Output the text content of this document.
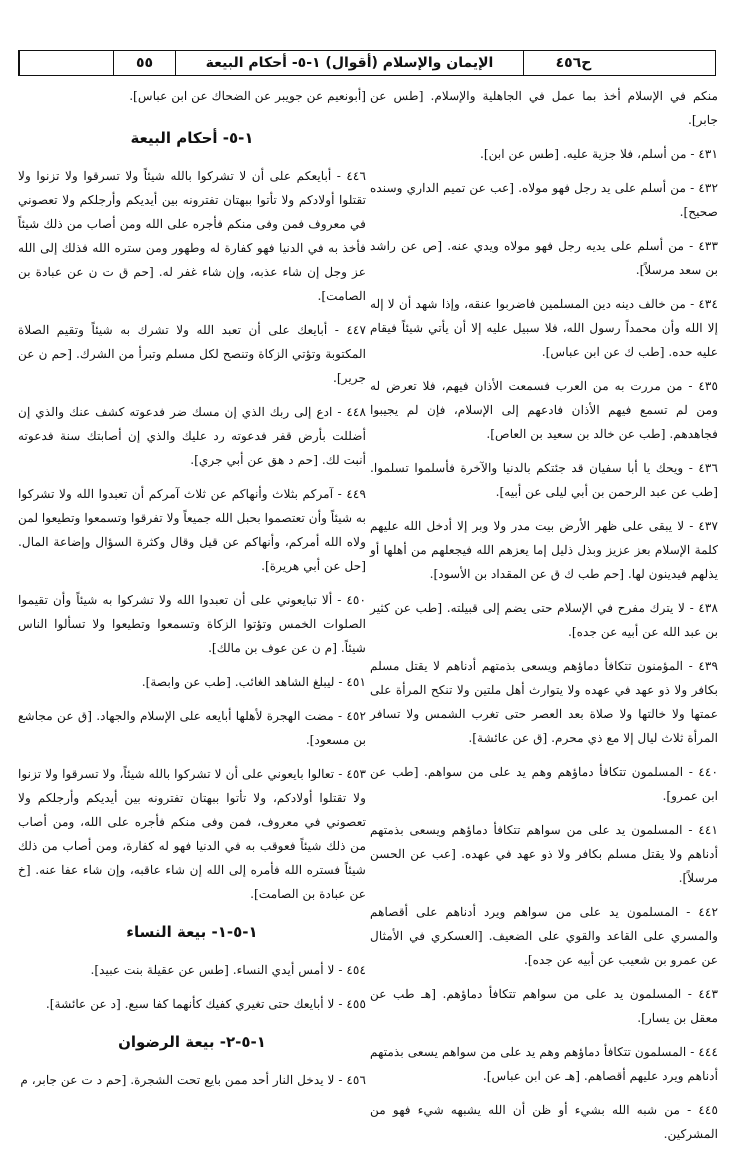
٥٥	الإيمان والإسلام (أقوال) ١-٥- أحكام البيعة	ح٤٥٦

منكم في الإسلام أخذ بما عمل في الجاهلية والإسلام. [طس عن جابر].

٤٣١ - من أسلم، فلا جزية عليه. [طس عن ابن].

٤٣٢ - من أسلم على يد رجل فهو مولاه. [عب عن تميم الداري وسنده صحيح].

٤٣٣ - من أسلم على يديه رجل فهو مولاه ويدي عنه. [ص عن راشد بن سعد مرسلاً].

٤٣٤ - من خالف دينه دين المسلمين فاضربوا عنقه، وإذا شهد أن لا إله إلا الله وأن محمداً رسول الله، فلا سبيل عليه إلا أن يأتي شيئاً فيقام عليه حده. [طب ك عن ابن عباس].

٤٣٥ - من مررت به من العرب فسمعت الأذان فيهم، فلا تعرض له ومن لم تسمع فيهم الأذان فادعهم إلى الإسلام، فإن لم يجيبوا فجاهدهم. [طب عن خالد بن سعيد بن العاص].

٤٣٦ - ويحك يا أبا سفيان قد جئتكم بالدنيا والآخرة فأسلموا تسلموا. [طب عن عبد الرحمن بن أبي ليلى عن أبيه].

٤٣٧ - لا يبقى على ظهر الأرض بيت مدر ولا وبر إلا أدخل الله عليهم كلمة الإسلام بعز عزيز وبذل ذليل إما يعزهم الله فيجعلهم من أهلها أو يذلهم فيدينون لها. [حم طب ك ق عن المقداد بن الأسود].

٤٣٨ - لا يترك مفرح في الإسلام حتى يضم إلى قبيلته. [طب عن كثير بن عبد الله عن أبيه عن جده].

٤٣٩ - المؤمنون تتكافأ دماؤهم ويسعى بذمتهم أدناهم لا يقتل مسلم بكافر ولا ذو عهد في عهده ولا يتوارث أهل ملتين ولا تنكح المرأة على عمتها ولا خالتها ولا صلاة بعد العصر حتى تغرب الشمس ولا تسافر المرأة ثلاث ليال إلا مع ذي محرم. [ق عن عائشة].

٤٤٠ - المسلمون تتكافأ دماؤهم وهم يد على من سواهم. [طب عن ابن عمرو].

٤٤١ - المسلمون يد على من سواهم تتكافأ دماؤهم ويسعى بذمتهم أدناهم ولا يقتل مسلم بكافر ولا ذو عهد في عهده. [عب عن الحسن مرسلاً].

٤٤٢ - المسلمون يد على من سواهم ويرد أدناهم على أقصاهم والمسري على القاعد والقوي على الضعيف. [العسكري في الأمثال عن عمرو بن شعيب عن أبيه عن جده].

٤٤٣ - المسلمون يد على من سواهم تتكافأ دماؤهم. [هـ طب عن معقل بن يسار].

٤٤٤ - المسلمون تتكافأ دماؤهم وهم يد على من سواهم يسعى بذمتهم أدناهم ويرد عليهم أقصاهم. [هـ عن ابن عباس].

٤٤٥ - من شبه الله بشيء أو ظن أن الله يشبهه شيء فهو من المشركين.

[أبونعيم عن جويبر عن الضحاك عن ابن عباس].

١-٥- أحكام البيعة

٤٤٦ - أبايعكم على أن لا تشركوا بالله شيئاً ولا تسرقوا ولا تزنوا ولا تقتلوا أولادكم ولا تأتوا ببهتان تفترونه بين أيديكم وأرجلكم ولا تعصوني في معروف فمن وفى منكم فأجره على الله ومن أصاب من ذلك شيئاً فأخذ به في الدنيا فهو كفارة له وطهور ومن ستره الله فذلك إلى الله عز وجل إن شاء عذبه، وإن شاء غفر له. [حم ق ت ن عن عبادة بن الصامت].

٤٤٧ - أبايعك على أن تعبد الله ولا تشرك به شيئاً وتقيم الصلاة المكتوبة وتؤتي الزكاة وتنصح لكل مسلم وتبرأ من الشرك. [حم ن عن جرير].

٤٤٨ - ادع إلى ربك الذي إن مسك ضر فدعوته كشف عنك والذي إن أضللت بأرض قفر فدعوته رد عليك والذي إن أصابتك سنة فدعوته أنبت لك. [حم د هق عن أبي جري].

٤٤٩ - آمركم بثلاث وأنهاكم عن ثلاث آمركم أن تعبدوا الله ولا تشركوا به شيئاً وأن تعتصموا بحبل الله جميعاً ولا تفرقوا وتسمعوا وتطيعوا لمن ولاه الله أمركم، وأنهاكم عن قيل وقال وكثرة السؤال وإضاعة المال. [حل عن أبي هريرة].

٤٥٠ - ألا تبايعوني على أن تعبدوا الله ولا تشركوا به شيئاً وأن تقيموا الصلوات الخمس وتؤتوا الزكاة وتسمعوا وتطيعوا ولا تسألوا الناس شيئاً. [م ن عن عوف بن مالك].

٤٥١ - ليبلغ الشاهد الغائب. [طب عن وابصة].

٤٥٢ - مضت الهجرة لأهلها أبايعه على الإسلام والجهاد. [ق عن مجاشع بن مسعود].

٤٥٣ - تعالوا بايعوني على أن لا تشركوا بالله شيئاً، ولا تسرقوا ولا تزنوا ولا تقتلوا أولادكم، ولا تأتوا ببهتان تفترونه بين أيديكم وأرجلكم ولا تعصوني في معروف، فمن وفى منكم فأجره على الله، ومن أصاب من ذلك شيئاً فعوقب به في الدنيا فهو له كفارة، ومن أصاب من ذلك شيئاً فستره الله فأمره إلى الله إن شاء عاقبه، وإن شاء عفا عنه. [خ عن عبادة بن الصامت].

١-٥-١- بيعة النساء

٤٥٤ - لا أمس أيدي النساء. [طس عن عقيلة بنت عبيد].

٤٥٥ - لا أبايعك حتى تغيري كفيك كأنهما كفا سبع. [د عن عائشة].

١-٥-٢- بيعة الرضوان

٤٥٦ - لا يدخل النار أحد ممن بايع تحت الشجرة. [حم د ت عن جابر، م
